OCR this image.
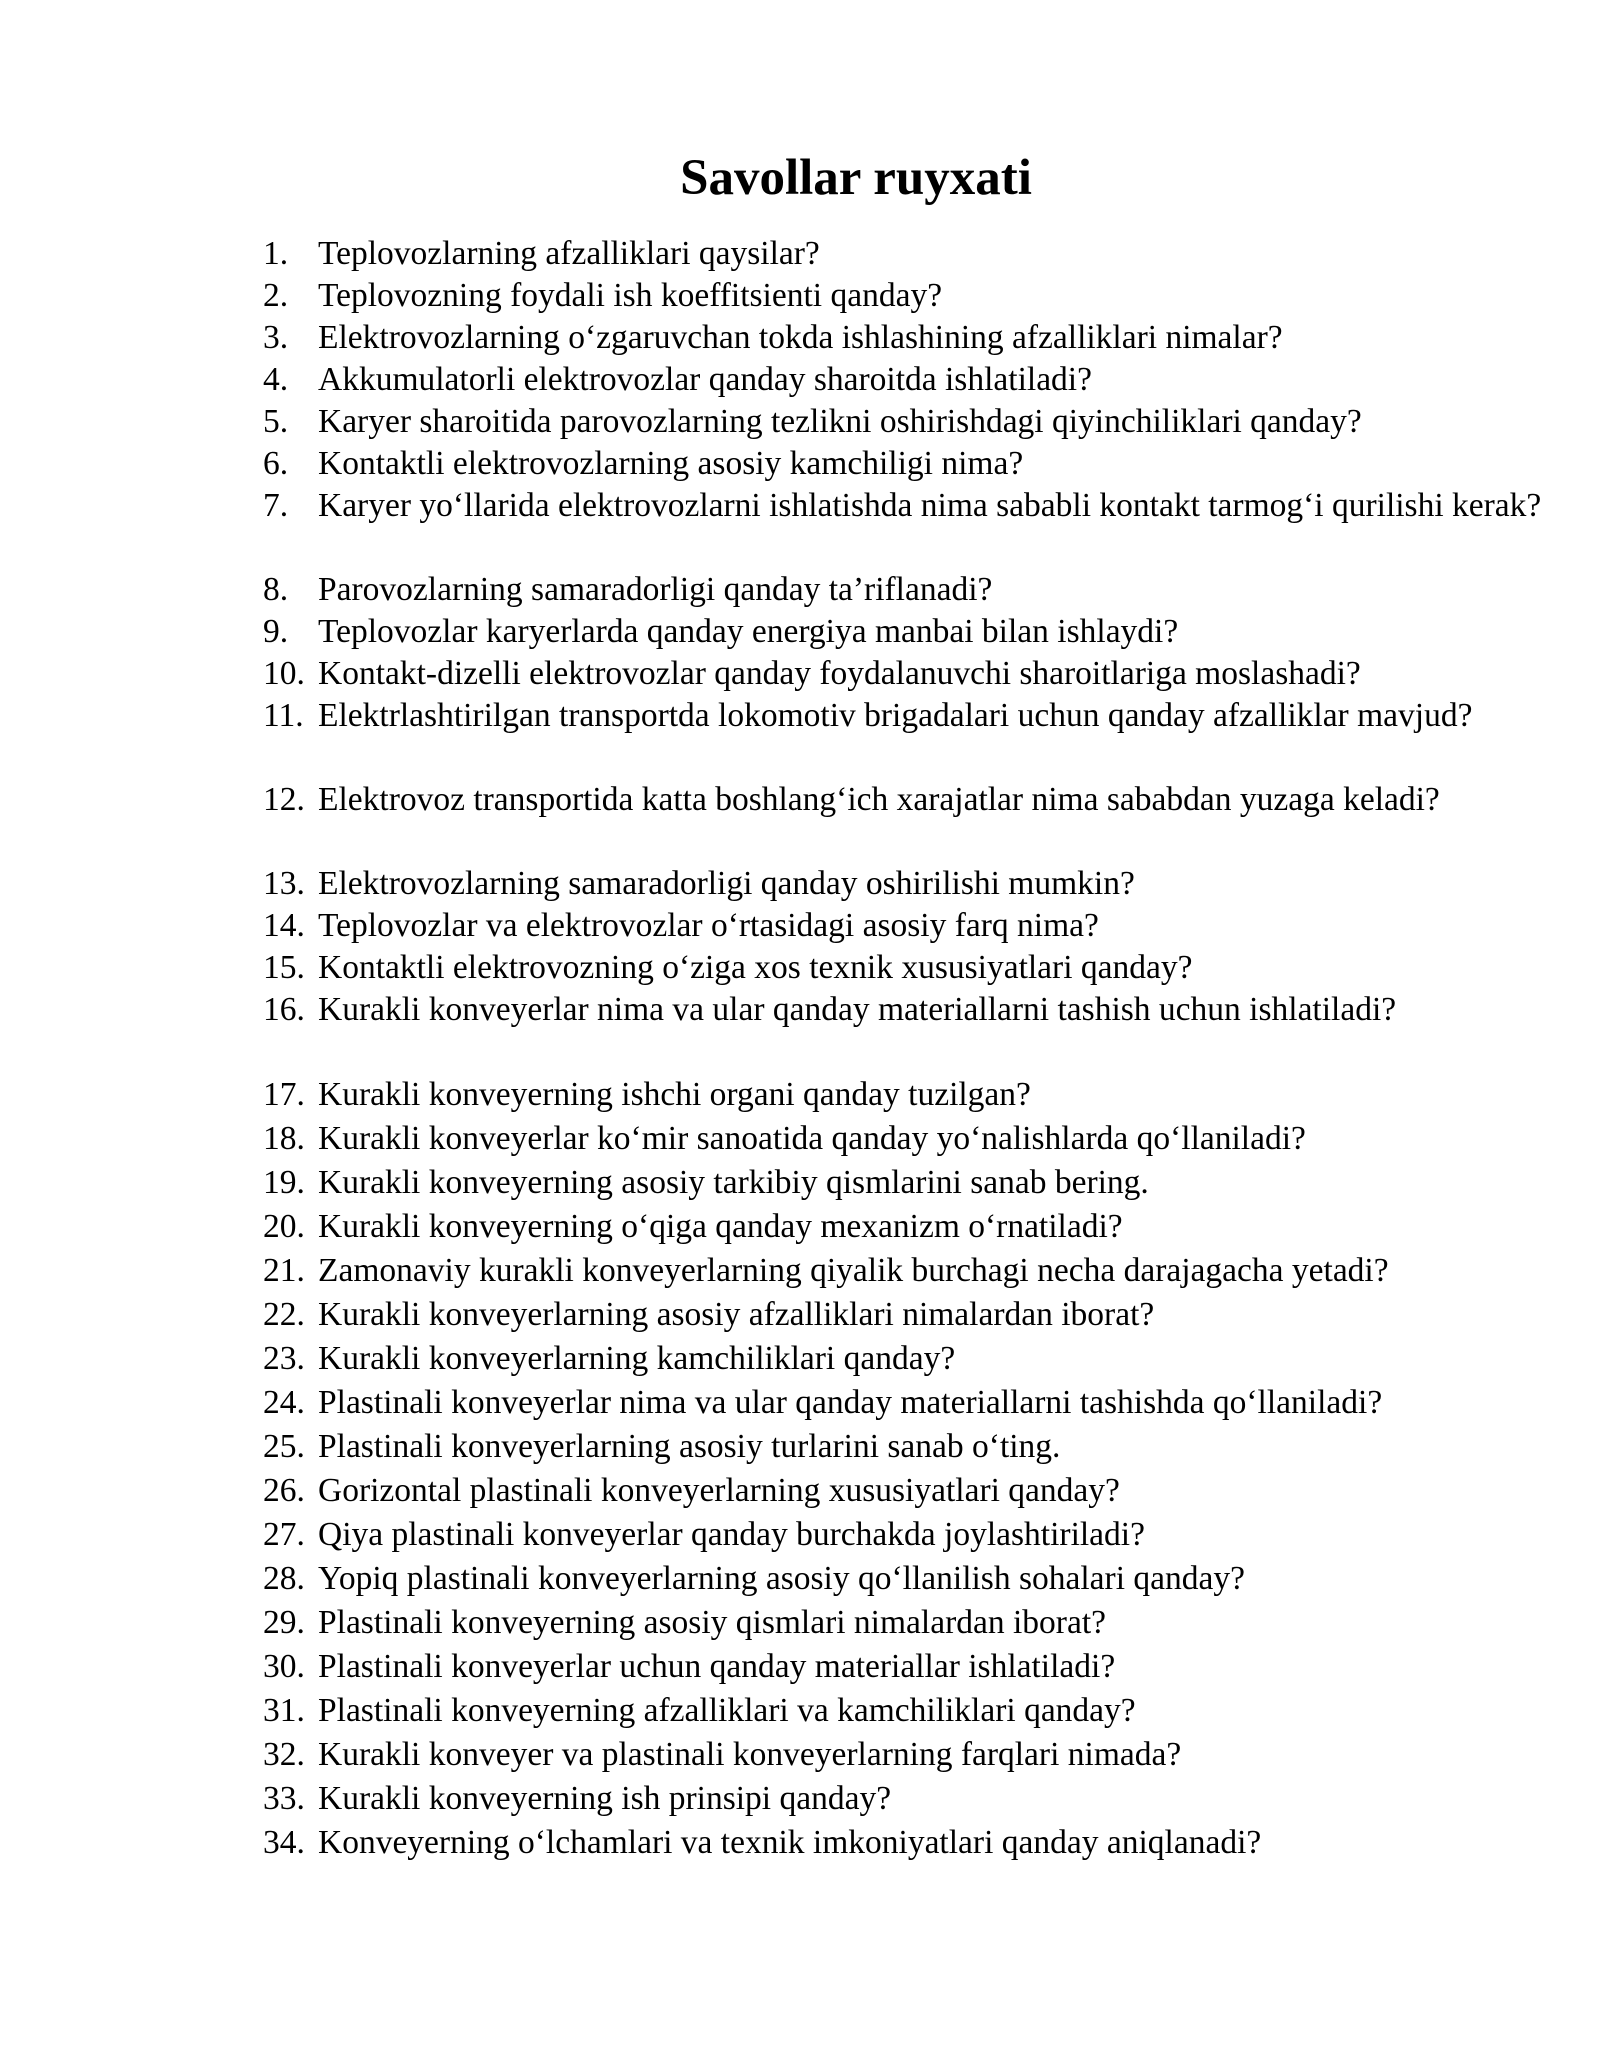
Savollar ruyxati
1. Teplovozlarning afzalliklari qaysilar?
2. Teplovozning foydali ish koeffitsienti qanday?
3. Elektrovozlarning o‘zgaruvchan tokda ishlashining afzalliklari nimalar?
4. Akkumulatorli elektrovozlar qanday sharoitda ishlatiladi?
5. Karyer sharoitida parovozlarning tezlikni oshirishdagi qiyinchiliklari qanday?
6. Kontaktli elektrovozlarning asosiy kamchiligi nima?
7. Karyer yo‘llarida elektrovozlarni ishlatishda nima sababli kontakt tarmog‘i qurilishi kerak?
8. Parovozlarning samaradorligi qanday ta’riflanadi?
9. Teplovozlar karyerlarda qanday energiya manbai bilan ishlaydi?
10. Kontakt-dizelli elektrovozlar qanday foydalanuvchi sharoitlariga moslashadi?
11. Elektrlashtirilgan transportda lokomotiv brigadalari uchun qanday afzalliklar mavjud?
12. Elektrovoz transportida katta boshlang‘ich xarajatlar nima sababdan yuzaga keladi?
13. Elektrovozlarning samaradorligi qanday oshirilishi mumkin?
14. Teplovozlar va elektrovozlar o‘rtasidagi asosiy farq nima?
15. Kontaktli elektrovozning o‘ziga xos texnik xususiyatlari qanday?
16. Kurakli konveyerlar nima va ular qanday materiallarni tashish uchun ishlatiladi?
17. Kurakli konveyerning ishchi organi qanday tuzilgan?
18. Kurakli konveyerlar ko‘mir sanoatida qanday yo‘nalishlarda qo‘llaniladi?
19. Kurakli konveyerning asosiy tarkibiy qismlarini sanab bering.
20. Kurakli konveyerning o‘qiga qanday mexanizm o‘rnatiladi?
21. Zamonaviy kurakli konveyerlarning qiyalik burchagi necha darajagacha yetadi?
22. Kurakli konveyerlarning asosiy afzalliklari nimalardan iborat?
23. Kurakli konveyerlarning kamchiliklari qanday?
24. Plastinali konveyerlar nima va ular qanday materiallarni tashishda qo‘llaniladi?
25. Plastinali konveyerlarning asosiy turlarini sanab o‘ting.
26. Gorizontal plastinali konveyerlarning xususiyatlari qanday?
27. Qiya plastinali konveyerlar qanday burchakda joylashtiriladi?
28. Yopiq plastinali konveyerlarning asosiy qo‘llanilish sohalari qanday?
29. Plastinali konveyerning asosiy qismlari nimalardan iborat?
30. Plastinali konveyerlar uchun qanday materiallar ishlatiladi?
31. Plastinali konveyerning afzalliklari va kamchiliklari qanday?
32. Kurakli konveyer va plastinali konveyerlarning farqlari nimada?
33. Kurakli konveyerning ish prinsipi qanday?
34. Konveyerning o‘lchamlari va texnik imkoniyatlari qanday aniqlanadi?
